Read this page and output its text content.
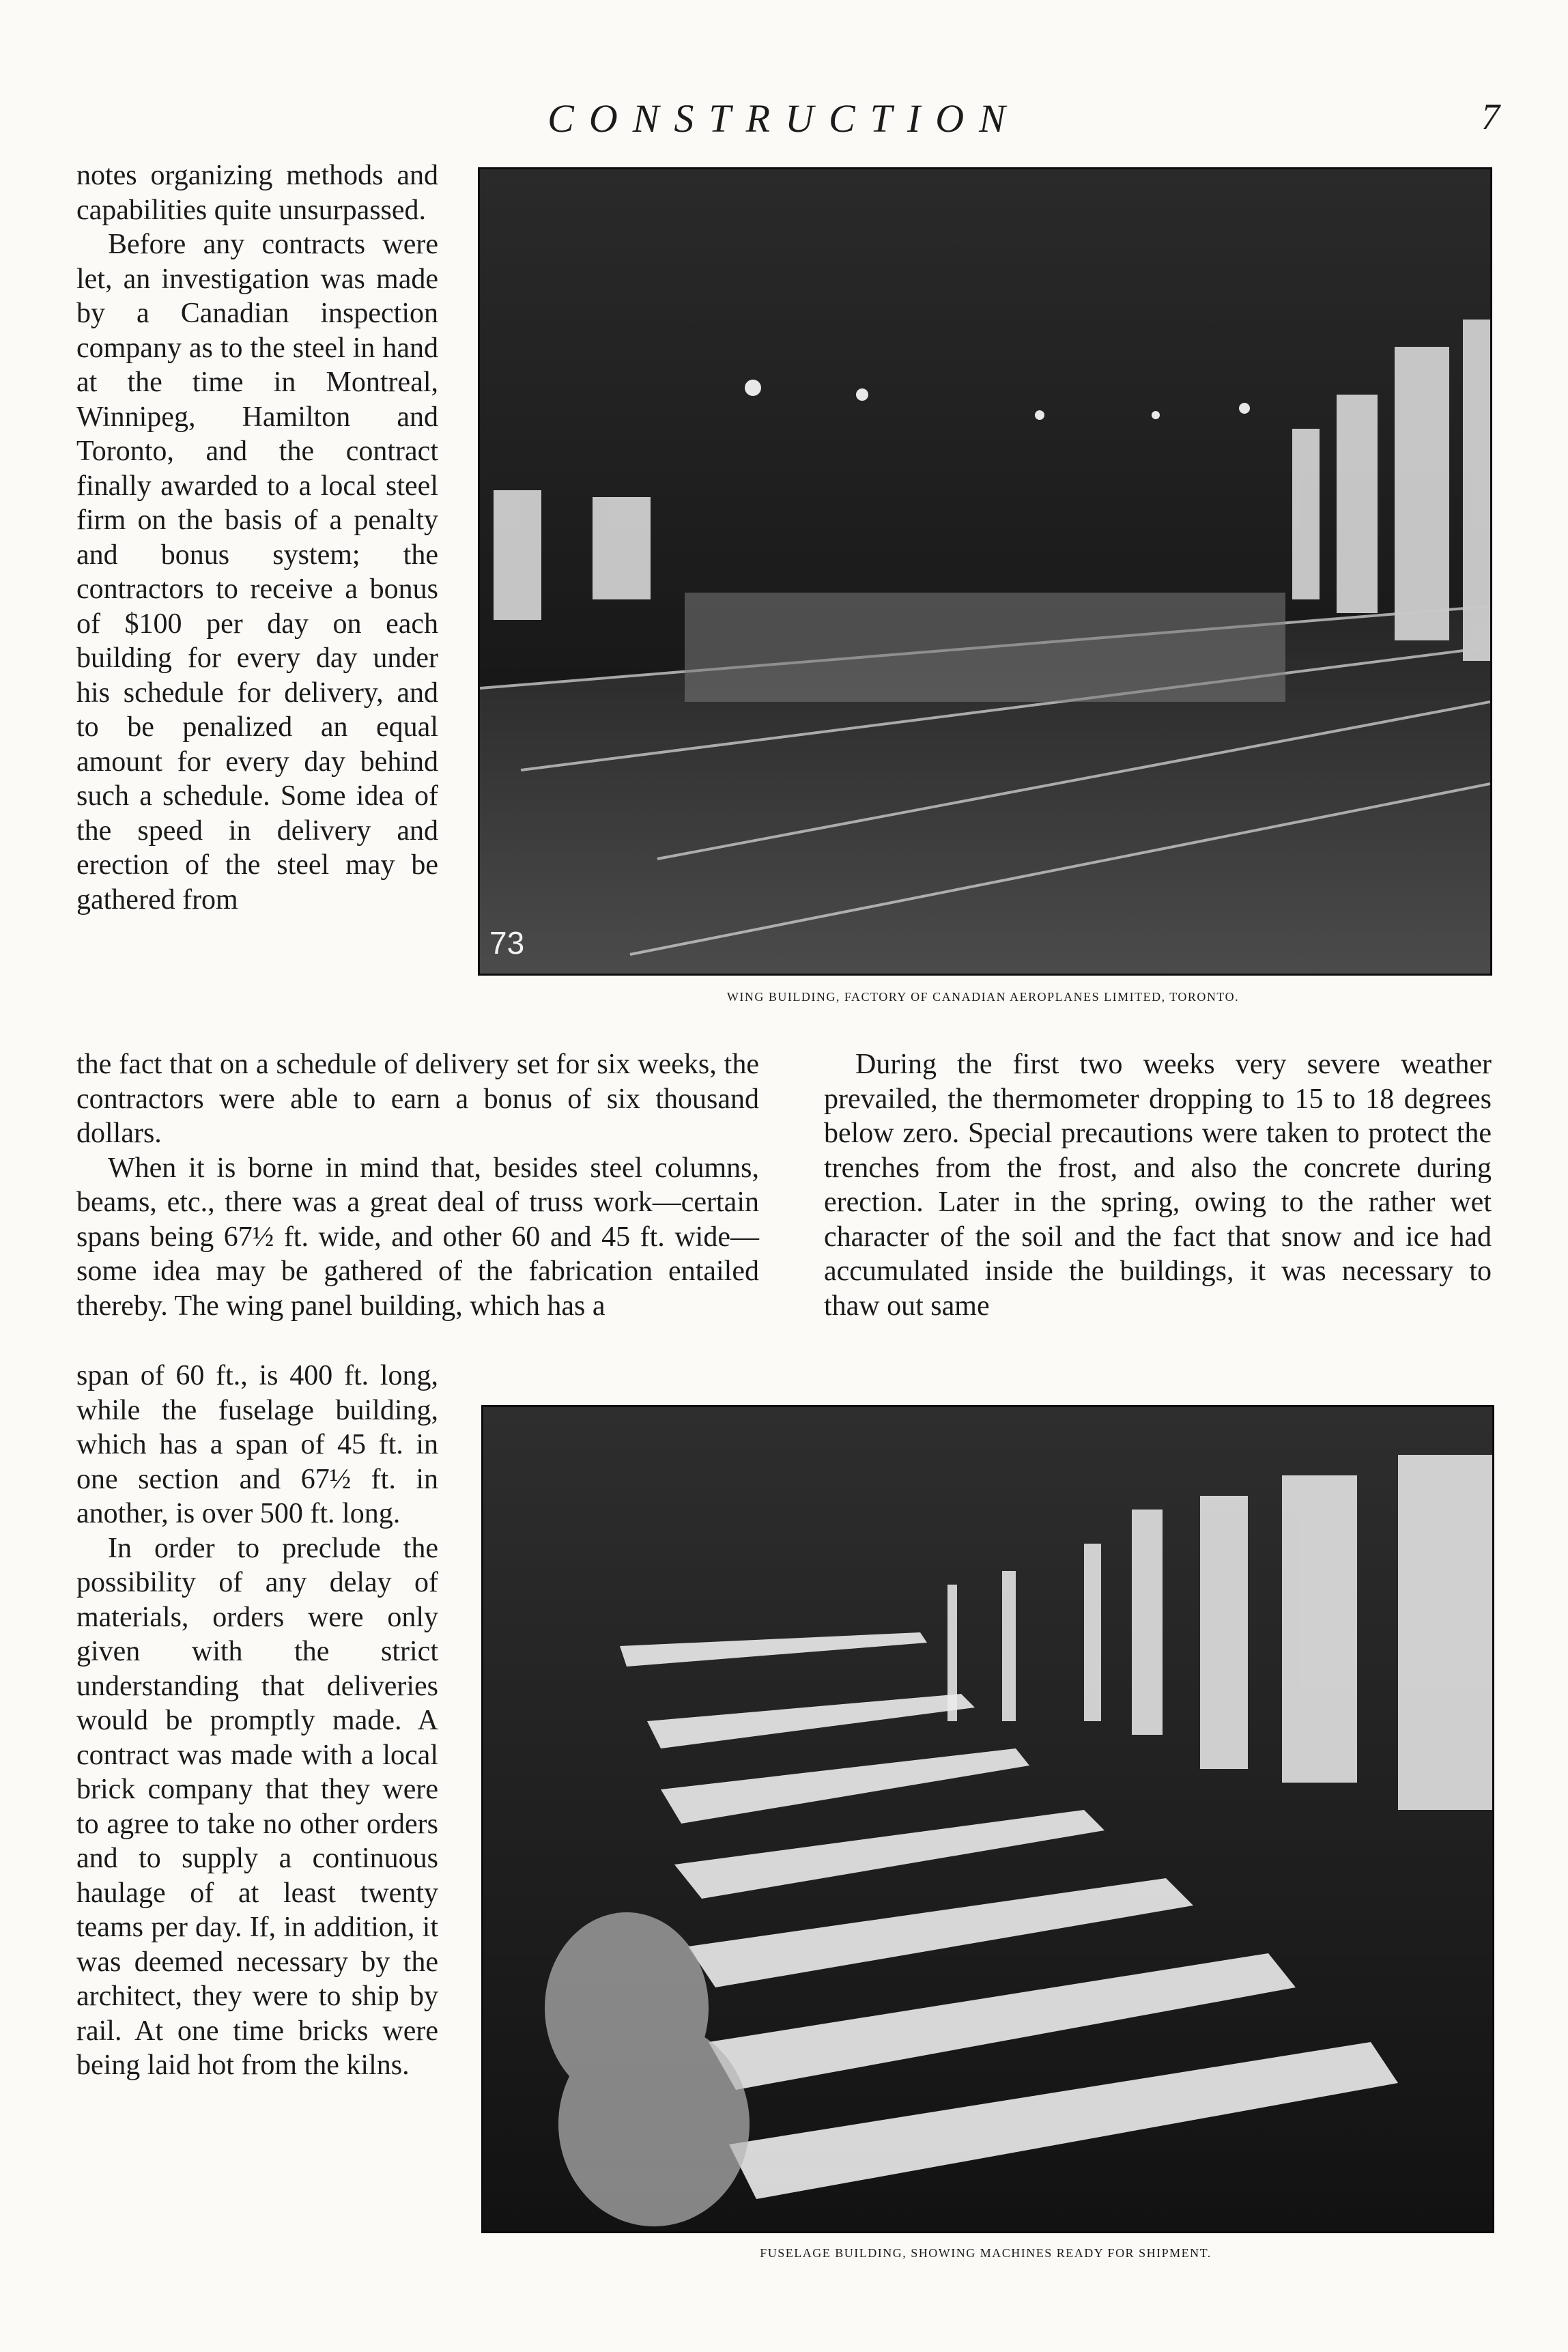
CONSTRUCTION	7

notes organizing methods and capabilities quite unsurpassed.

Before any contracts were let, an investigation was made by a Canadian inspection company as to the steel in hand at the time in Montreal, Winnipeg, Hamilton and Toronto, and the contract finally awarded to a local steel firm on the basis of a penalty and bonus system; the contractors to receive a bonus of $100 per day on each building for every day under his schedule for delivery, and to be penalized an equal amount for every day behind such a schedule. Some idea of the speed in delivery and erection of the steel may be gathered from

the fact that on a schedule of delivery set for six weeks, the contractors were able to earn a bonus of six thousand dollars.

When it is borne in mind that, besides steel columns, beams, etc., there was a great deal of truss work—certain spans being 67½ ft. wide, and other 60 and 45 ft. wide—some idea may be gathered of the fabrication entailed thereby. The wing panel building, which has a

span of 60 ft., is 400 ft. long, while the fuselage building, which has a span of 45 ft. in one section and 67½ ft. in another, is over 500 ft. long.

In order to preclude the possibility of any delay of materials, orders were only given with the strict understanding that deliveries would be promptly made. A contract was made with a local brick company that they were to agree to take no other orders and to supply a continuous haulage of at least twenty teams per day. If, in addition, it was deemed necessary by the architect, they were to ship by rail. At one time bricks were being laid hot from the kilns.

During the first two weeks very severe weather prevailed, the thermometer dropping to 15 to 18 degrees below zero. Special precautions were taken to protect the trenches from the frost, and also the concrete during erection. Later in the spring, owing to the rather wet character of the soil and the fact that snow and ice had accumulated inside the buildings, it was necessary to thaw out same

73
WING BUILDING, FACTORY OF CANADIAN AEROPLANES LIMITED, TORONTO.
FUSELAGE BUILDING, SHOWING MACHINES READY FOR SHIPMENT.
